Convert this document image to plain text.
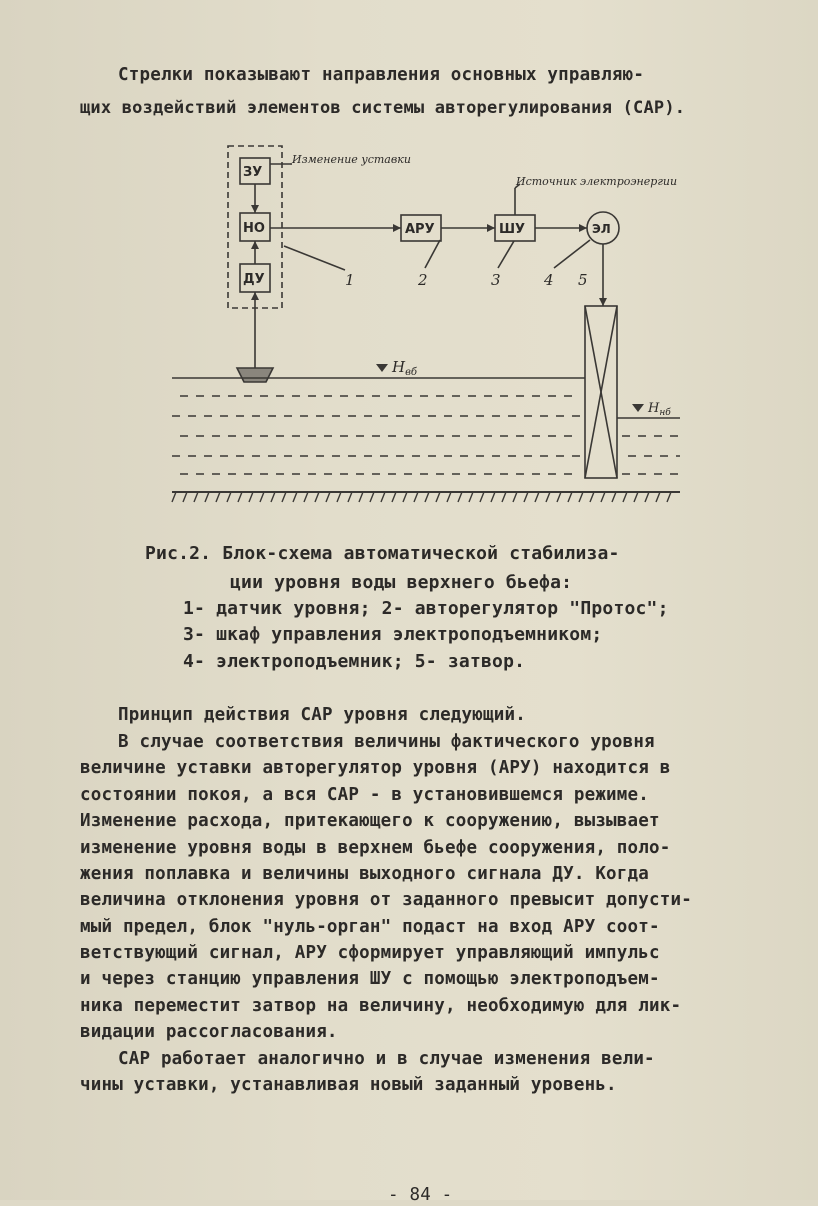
Стрелки показывают направления основных управляю-
щих воздействий элементов системы авторегулирования (САР).
ЗУ
НО
ДУ
АРУ	ШУ	ЭЛ
Изменение уставки
Источник электроэнергии
1	2	3	4 5
$Н_{вб}$
$Н_{нб}$
Рис.2. Блок-схема автоматической стабилиза-
ции уровня воды верхнего бьефа:
1- датчик уровня; 2- авторегулятор "Протос";
3- шкаф управления электроподъемником;
4- электроподъемник; 5- затвор.
Принцип действия САР уровня следующий.
В случае соответствия величины фактического уровня
величине уставки авторегулятор уровня (АРУ) находится в
состоянии покоя, а вся САР - в установившемся режиме.
Изменение расхода, притекающего к сооружению, вызывает
изменение уровня воды в верхнем бьефе сооружения, поло-
жения поплавка и величины выходного сигнала ДУ. Когда
величина отклонения уровня от заданного превысит допусти-
мый предел, блок "нуль-орган" подаст на вход АРУ соот-
ветствующий сигнал, АРУ сформирует управляющий импульс
и через станцию управления ШУ с помощью электроподъем-
ника переместит затвор на величину, необходимую для лик-
видации рассогласования.
САР работает аналогично и в случае изменения вели-
чины уставки, устанавливая новый заданный уровень.
- 84 -
